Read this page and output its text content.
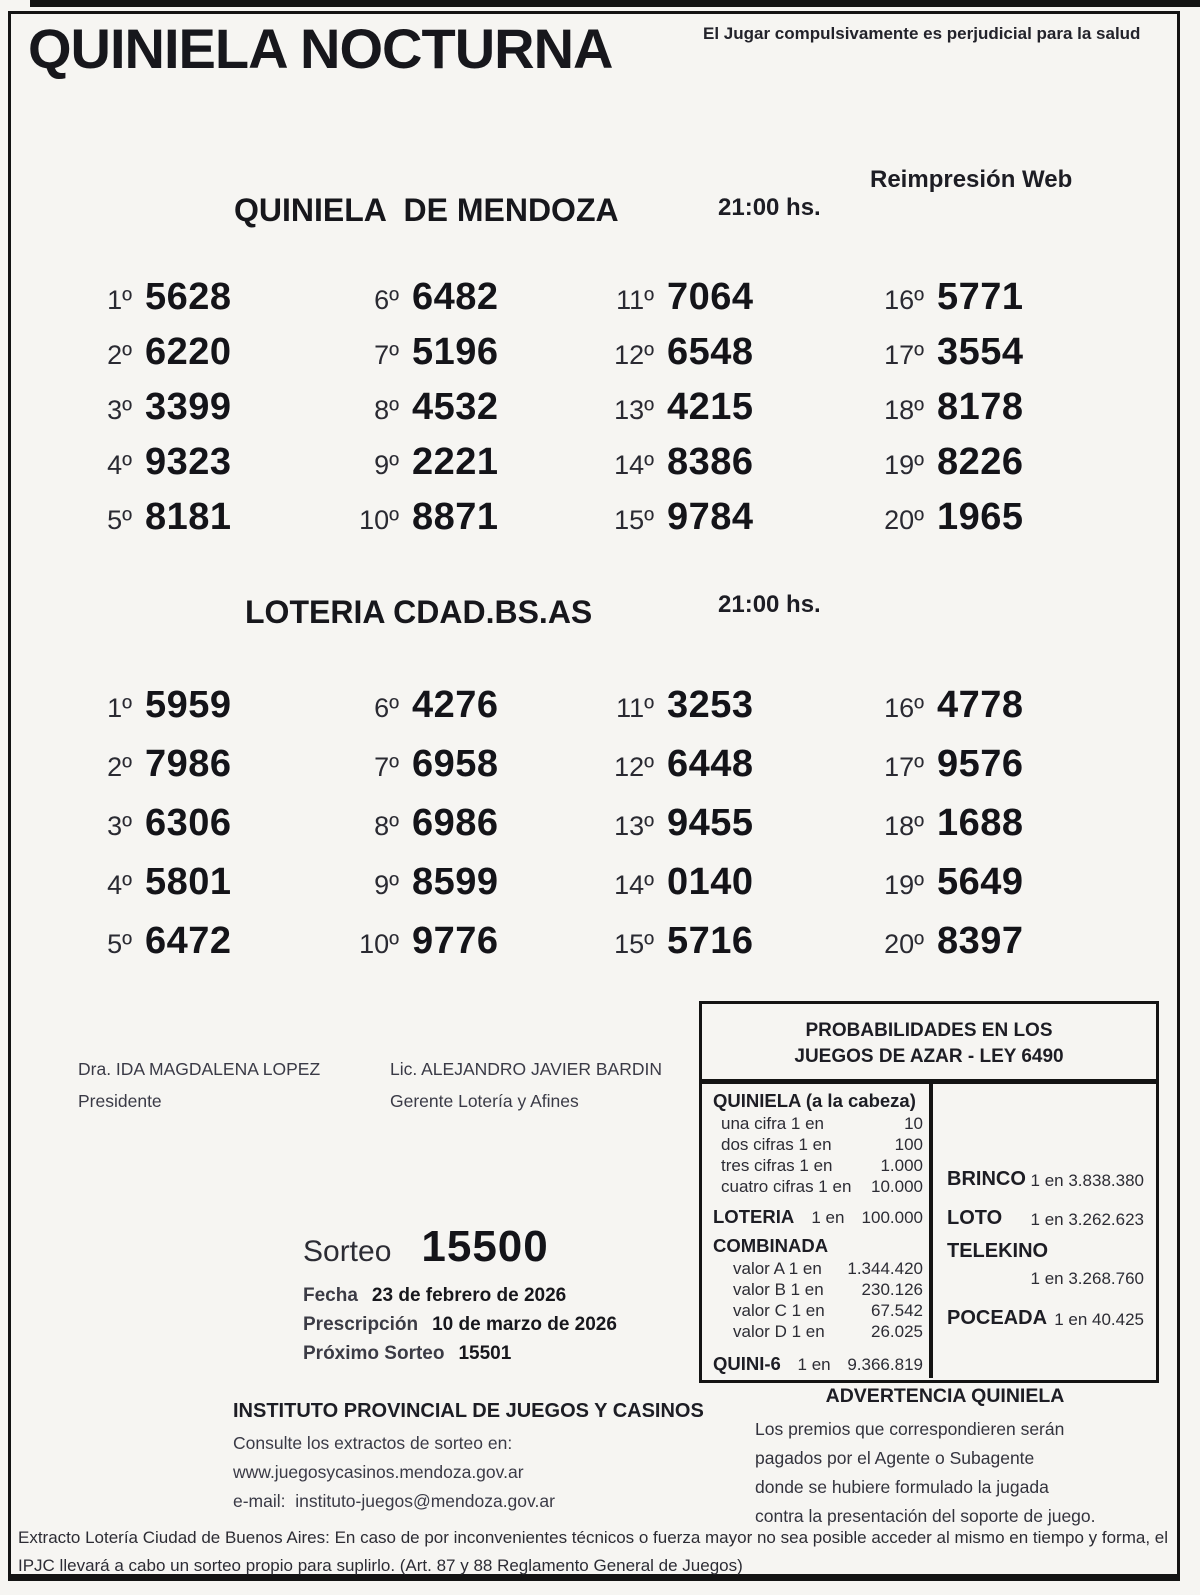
QUINIELA NOCTURNA	El Jugar compulsivamente es perjudicial para la salud
Reimpresión Web
QUINIELA  DE MENDOZA	21:00 hs.
1º 5628
2º 6220
3º 3399
4º 9323
5º 8181
6º 6482
7º 5196
8º 4532
9º 2221
10º 8871
11º 7064
12º 6548
13º 4215
14º 8386
15º 9784
16º 5771
17º 3554
18º 8178
19º 8226
20º 1965
LOTERIA CDAD.BS.AS	21:00 hs.
1º 5959
2º 7986
3º 6306
4º 5801
5º 6472
6º 4276
7º 6958
8º 6986
9º 8599
10º 9776
11º 3253
12º 6448
13º 9455
14º 0140
15º 5716
16º 4778
17º 9576
18º 1688
19º 5649
20º 8397
Dra. IDA MAGDALENA LOPEZ
Presidente
Lic. ALEJANDRO JAVIER BARDIN
Gerente Lotería y Afines
Sorteo 15500
Fecha 23 de febrero de 2026
Prescripción 10 de marzo de 2026
Próximo Sorteo 15501
PROBABILIDADES EN LOS
JUEGOS DE AZAR - LEY 6490
QUINIELA (a la cabeza)
una cifra 1 en	10
dos cifras 1 en	100
tres cifras 1 en	1.000
cuatro cifras 1 en 10.000
LOTERIA 1 en 100.000
COMBINADA
valor A 1 en 1.344.420
valor B 1 en 230.126
valor C 1 en	67.542
valor D 1 en	26.025
QUINI-6 1 en 9.366.819
BRINCO 1 en 3.838.380
LOTO 1 en 3.262.623
TELEKINO
1 en 3.268.760
POCEADA 1 en 40.425
ADVERTENCIA QUINIELA
Los premios que correspondieren serán
pagados por el Agente o Subagente
donde se hubiere formulado la jugada
contra la presentación del soporte de juego.
INSTITUTO PROVINCIAL DE JUEGOS Y CASINOS
Consulte los extractos de sorteo en:
www.juegosycasinos.mendoza.gov.ar
e-mail:  instituto-juegos@mendoza.gov.ar
Extracto Lotería Ciudad de Buenos Aires: En caso de por inconvenientes técnicos o fuerza mayor no sea posible acceder al mismo en tiempo y forma, el IPJC llevará a cabo un sorteo propio para suplirlo. (Art. 87 y 88 Reglamento General de Juegos)
